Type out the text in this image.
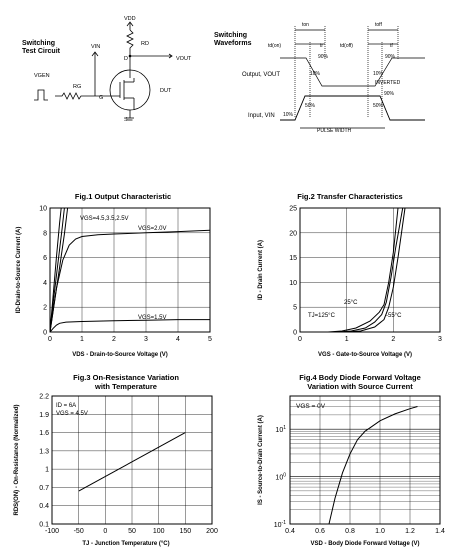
Switching
Test Circuit
VDD
RD
VIN
VOUT
VGEN
RG
G
D
S
DUT
Switching
Waveforms
ton	toff
td(on)	tr	td(off)	tf
90%	90%
10%	10%
INVERTED
90%
50%	50%
10%
PULSE WIDTH
Output, VOUT
Input, VIN
Fig.1 Output Characteristic
VGS=4.5,3.5,2.5V
VGS=2.0V
VGS=1.5V
VDS - Drain-to-Source Voltage (V)
ID-Drain-to-Source Current (A)
0	1	2	3	4	5
0
2
4
6
8
10
Fig.2 Transfer Characteristics
25°C
TJ=125°C	-55°C
VGS - Gate-to-Source Voltage (V)
ID - Drain Current (A)
0	1	2	3
0
5
10
15
20
25
Fig.3 On-Resistance Variation
with Temperature
ID = 6A
VGS = 4.5V
TJ - Junction Temperature (°C)
RDS(ON) - On-Resistance (Normalized)
-100 -50	0	50 100 150 200
0.1
0.4
0.7
1
1.3
1.6
1.9
2.2
Fig.4 Body Diode Forward Voltage
Variation with Source Current
VGS = 0V
VSD - Body Diode Forward Voltage (V)
IS - Source-to-Drain Current (A)
0.4	0.6	0.8	1.0	1.2	1.4
$10^{-1}$
$10^0$
$10^1$
